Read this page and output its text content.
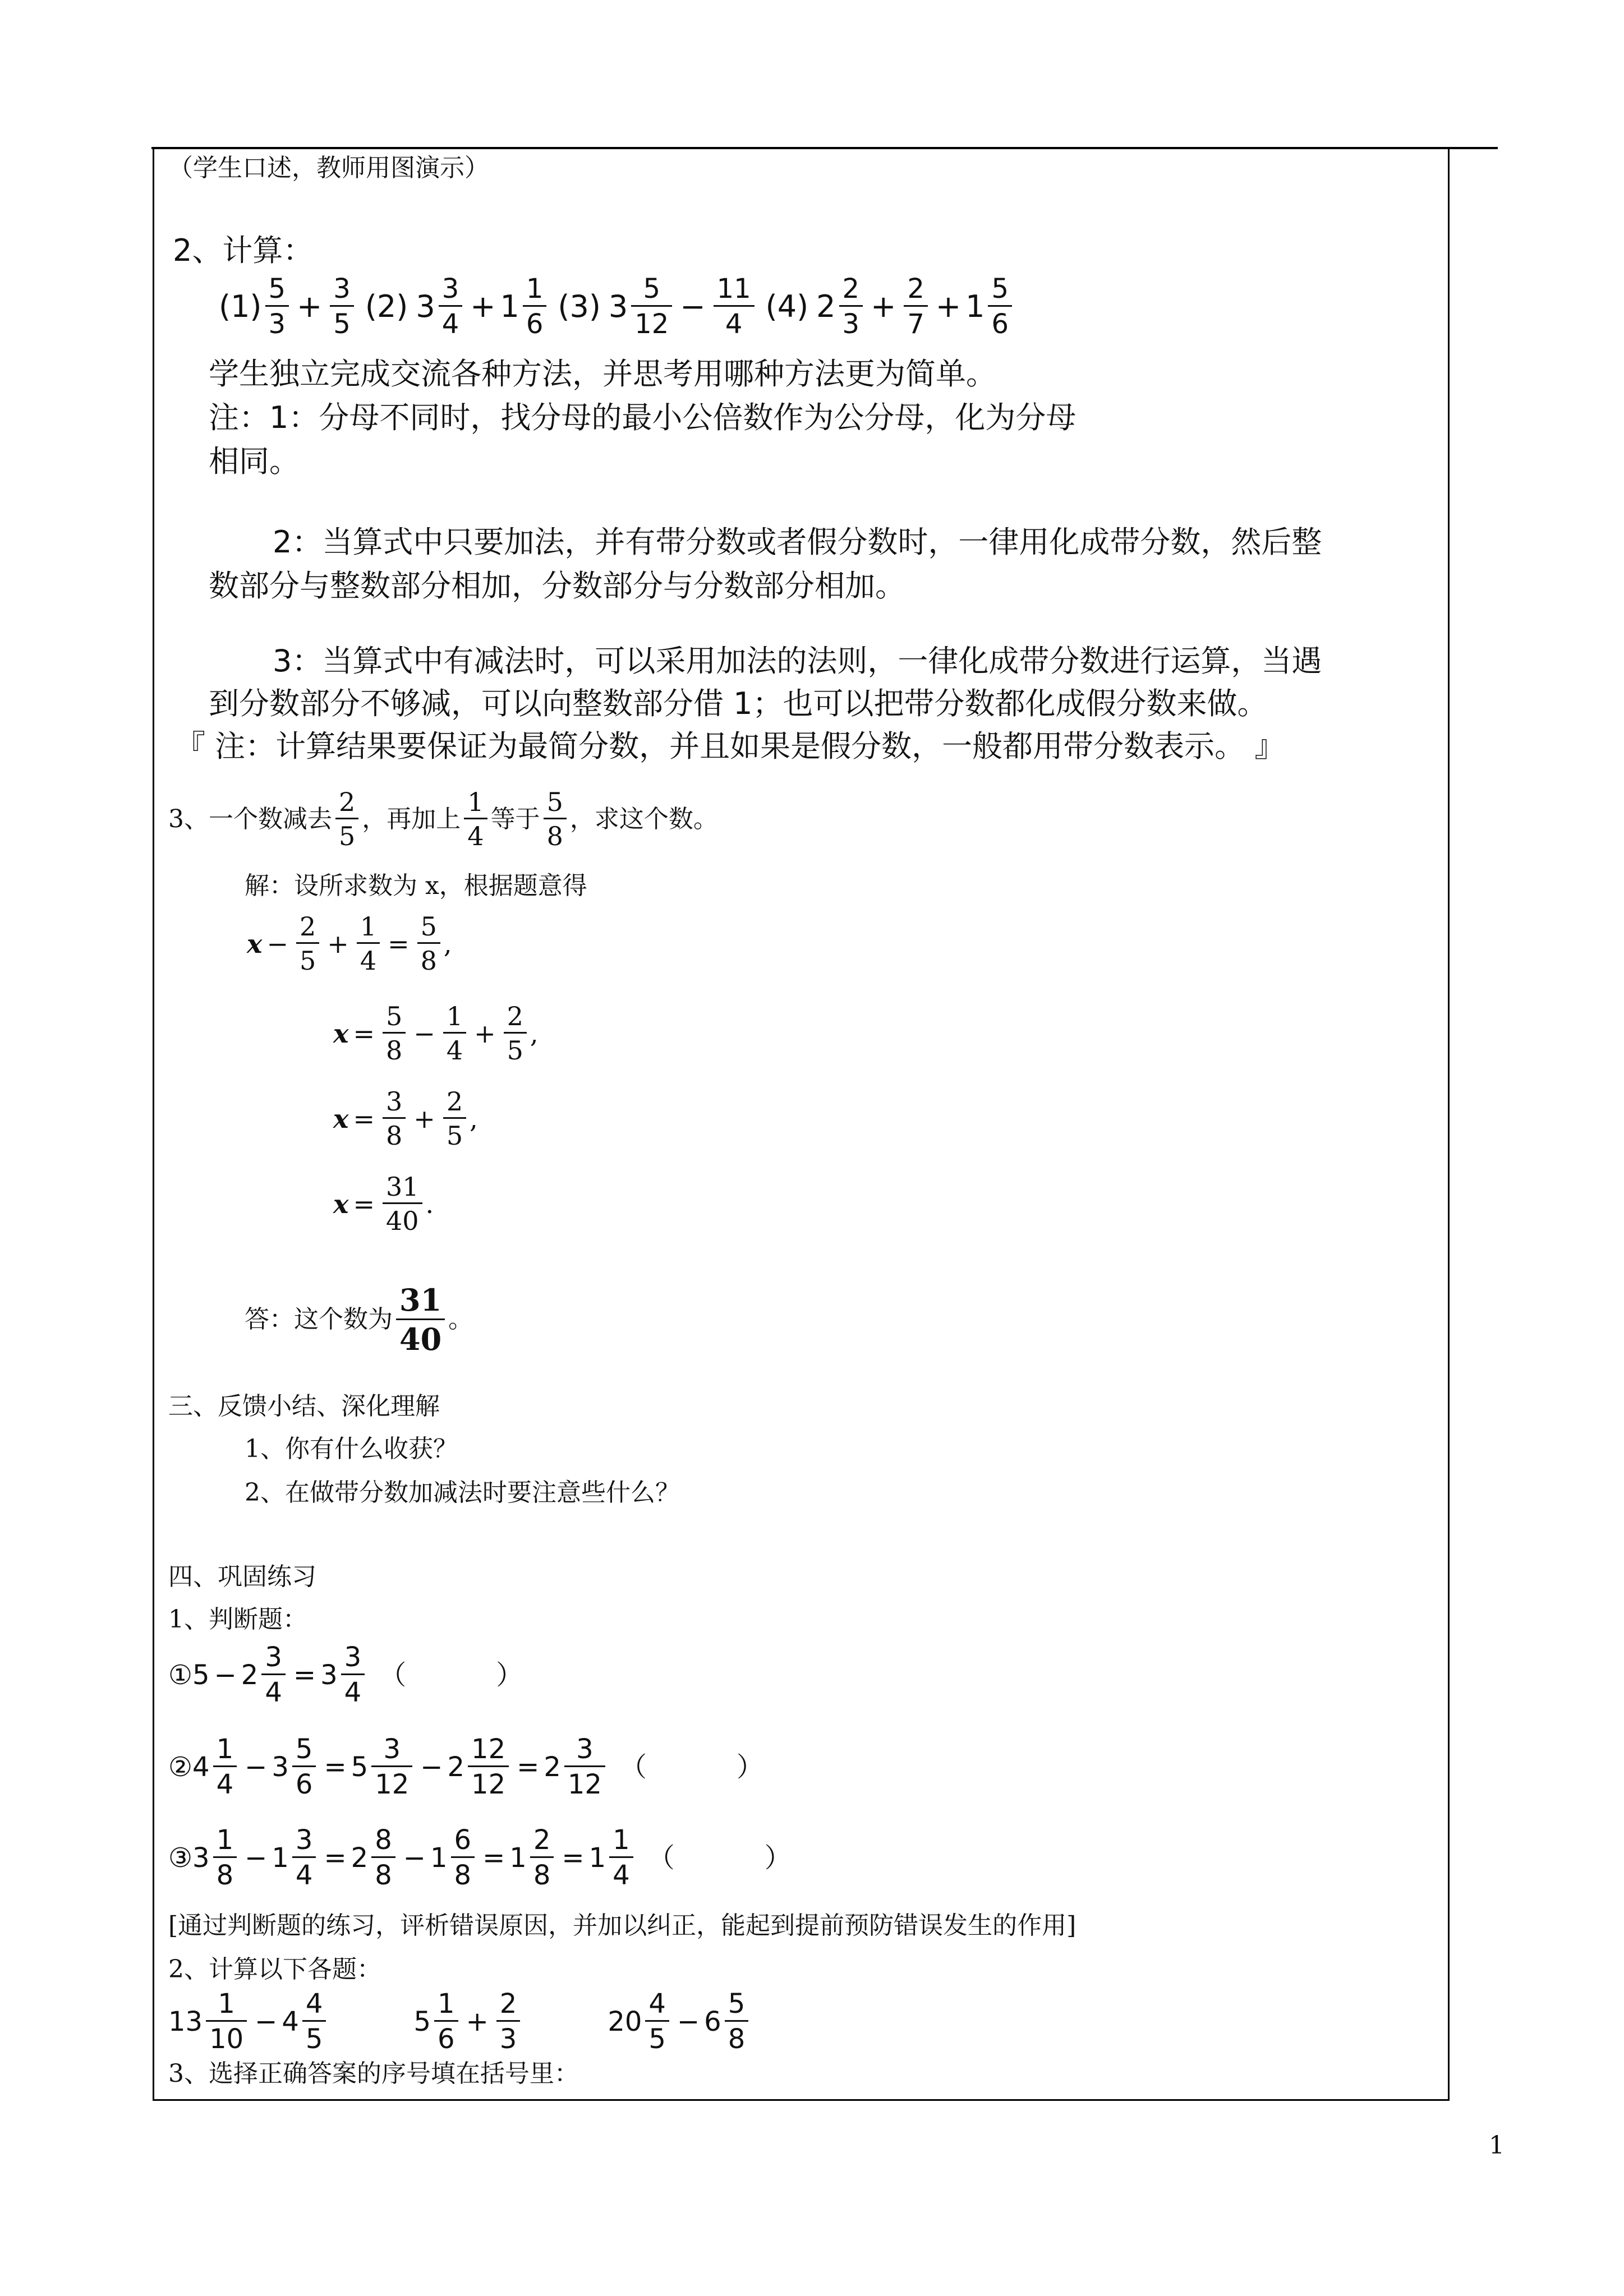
（学生口述，教师用图演示）
2、计算：
$(1) \frac{5}{3} + \frac{3}{5} (2)$ $3 \frac{3}{4} + 1 \frac{1}{6} (3)$ $3 \frac{5}{12} - \frac{11}{4} (4)$ $2 \frac{2}{3} + \frac{2}{7} + 1 \frac{5}{6}$
学生独立完成交流各种方法，并思考用哪种方法更为简单。
注：1：分母不同时，找分母的最小公倍数作为公分母，化为分母
相同。
2：当算式中只要加法，并有带分数或者假分数时，一律用化成带分数，然后整
数部分与整数部分相加，分数部分与分数部分相加。
3：当算式中有减法时，可以采用加法的法则，一律化成带分数进行运算，当遇
到分数部分不够减，可以向整数部分借 1；也可以把带分数都化成假分数来做。
『 注：计算结果要保证为最简分数，并且如果是假分数，一般都用带分数表示。 』
3、一个数减去 $\frac{2}{5}$ ，再加上 $\frac{1}{4}$ 等于 $\frac{5}{8}$ ，求这个数。
解：设所求数为 x，根据题意得
$x - \frac{2}{5} + \frac{1}{4} = \frac{5}{8}$ ,
$x = \frac{5}{8} - \frac{1}{4} + \frac{2}{5}$ ,
$x = \frac{3}{8} + \frac{2}{5}$ ,
$x = \frac{31}{40}$ .
答：这个数为 $\frac{31}{40}$ 。
三、反馈小结、深化理解
1、你有什么收获？
2、在做带分数加减法时要注意些什么？
四、巩固练习
1、判断题：
① $5 - 2 \frac{3}{4} = 3 \frac{3}{4}$ （	）
② $4 \frac{1}{4} - 3 \frac{5}{6} = 5 \frac{3}{12} - 2 \frac{12}{12} = 2 \frac{3}{12}$ （	）
③ $3 \frac{1}{8} - 1 \frac{3}{4} = 2 \frac{8}{8} - 1 \frac{6}{8} = 1 \frac{2}{8} = 1 \frac{1}{4}$ （	）
[通过判断题的练习，评析错误原因，并加以纠正，能起到提前预防错误发生的作用]
2、计算以下各题：
$13 \frac{1}{10} - 4 \frac{4}{5}$	$5 \frac{1}{6} + \frac{2}{3}$	$20 \frac{4}{5} - 6 \frac{5}{8}$
3、选择正确答案的序号填在括号里：
1
